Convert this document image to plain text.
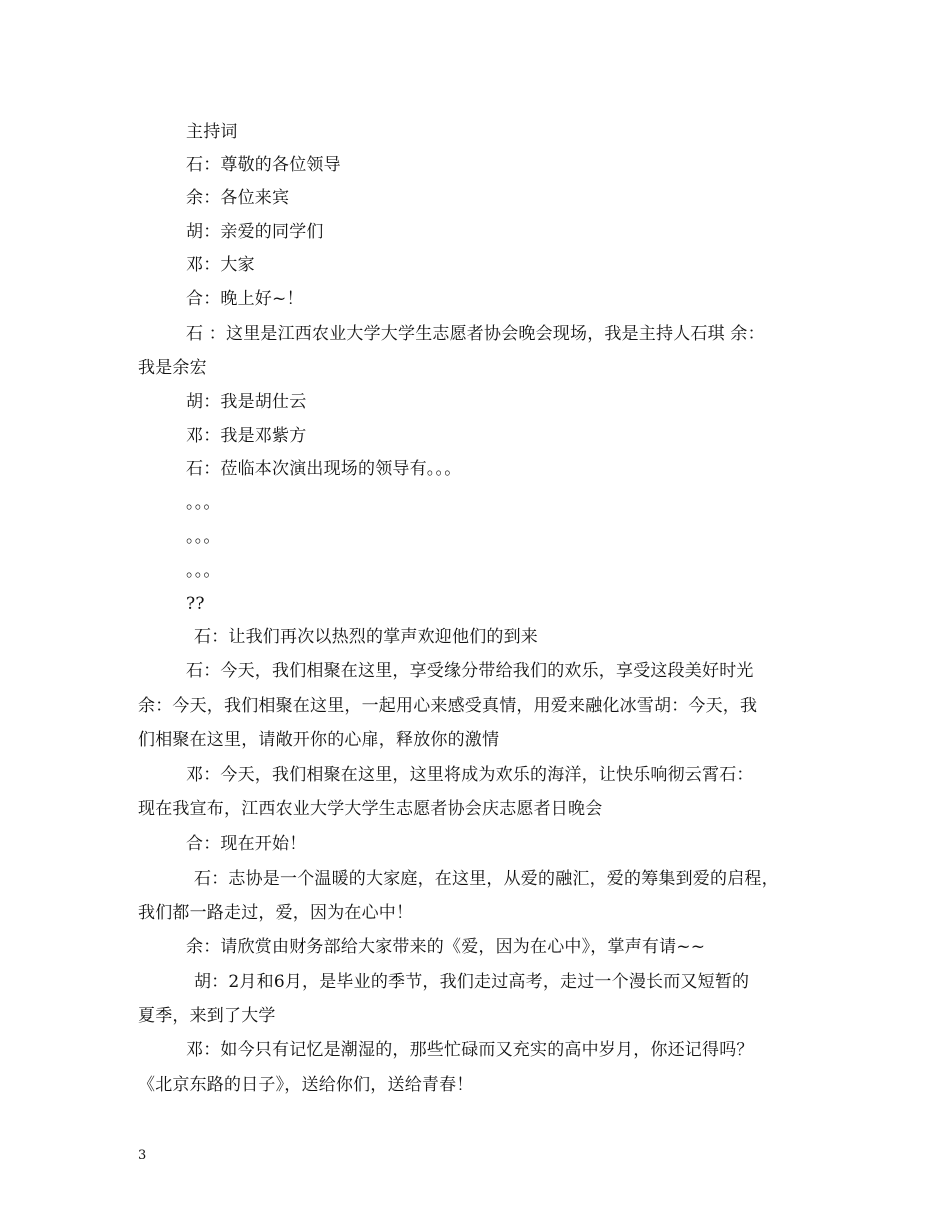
主持词
石：尊敬的各位领导
余：各位来宾
胡：亲爱的同学们
邓：大家
合：晚上好~！
石 ：这里是江西农业大学大学生志愿者协会晚会现场，我是主持人石琪 余：
我是余宏
胡：我是胡仕云
邓：我是邓紫方
石：莅临本次演出现场的领导有。。。
。。。
。。。
。。。
??
石：让我们再次以热烈的掌声欢迎他们的到来
石：今天，我们相聚在这里，享受缘分带给我们的欢乐，享受这段美好时光
余：今天，我们相聚在这里，一起用心来感受真情，用爱来融化冰雪胡：今天，我
们相聚在这里，请敞开你的心扉，释放你的激情
邓：今天，我们相聚在这里，这里将成为欢乐的海洋，让快乐响彻云霄石：
现在我宣布，江西农业大学大学生志愿者协会庆志愿者日晚会
合：现在开始！
石：志协是一个温暖的大家庭，在这里，从爱的融汇，爱的筹集到爱的启程，
我们都一路走过，爱，因为在心中！
余：请欣赏由财务部给大家带来的《爱，因为在心中》，掌声有请~~
胡：2月和6月，是毕业的季节，我们走过高考，走过一个漫长而又短暂的
夏季，来到了大学
邓：如今只有记忆是潮湿的，那些忙碌而又充实的高中岁月，你还记得吗？
《北京东路的日子》，送给你们，送给青春！
3
